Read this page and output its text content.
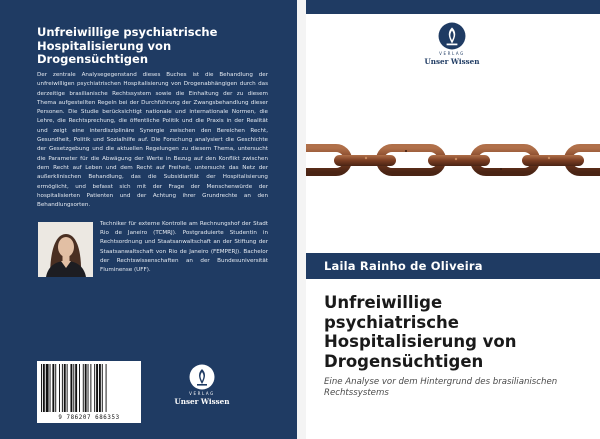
Unfreiwillige psychiatrische
Hospitalisierung von
Drogensüchtigen

Der zentrale Analysegegenstand dieses Buches ist die Behandlung der unfreiwilligen psychiatrischen Hospitalisierung von Drogenabhängigen durch das derzeitige brasilianische Rechtssystem sowie die Einhaltung der zu diesem Thema aufgestellten Regeln bei der Durchführung der Zwangsbehandlung dieser Personen. Die Studie berücksichtigt nationale und internationale Normen, die Lehre, die Rechtsprechung, die öffentliche Politik und die Praxis in der Realität und zeigt eine interdisziplinäre Synergie zwischen den Bereichen Recht, Gesundheit, Politik und Sozialhilfe auf. Die Forschung analysiert die Geschichte der Gesetzgebung und die aktuellen Regelungen zu diesem Thema, untersucht die Parameter für die Abwägung der Werte in Bezug auf den Konflikt zwischen dem Recht auf Leben und dem Recht auf Freiheit, untersucht das Netz der außerklinischen Behandlung, das die Subsidiarität der Hospitalisierung ermöglicht, und befasst sich mit der Frage der Menschenwürde der hospitalisierten Patienten und der Achtung ihrer Grundrechte an den Behandlungsorten.

Techniker für externe Kontrolle am Rechnungshof der Stadt Rio de Janeiro (TCMRJ). Postgraduierte Studentin in Rechtsordnung und Staatsanwaltschaft an der Stiftung der Staatsanwaltschaft von Rio de Janeiro (FEMPERJ). Bachelor der Rechtswissenschaften an der Bundesuniversität Fluminense (UFF).

9 786207 686353
VERLAG
Unser Wissen
VERLAG
Unser Wissen
Laila Rainho de Oliveira
Unfreiwillige
psychiatrische
Hospitalisierung von
Drogensüchtigen

Eine Analyse vor dem Hintergrund des brasilianischen Rechtssystems
